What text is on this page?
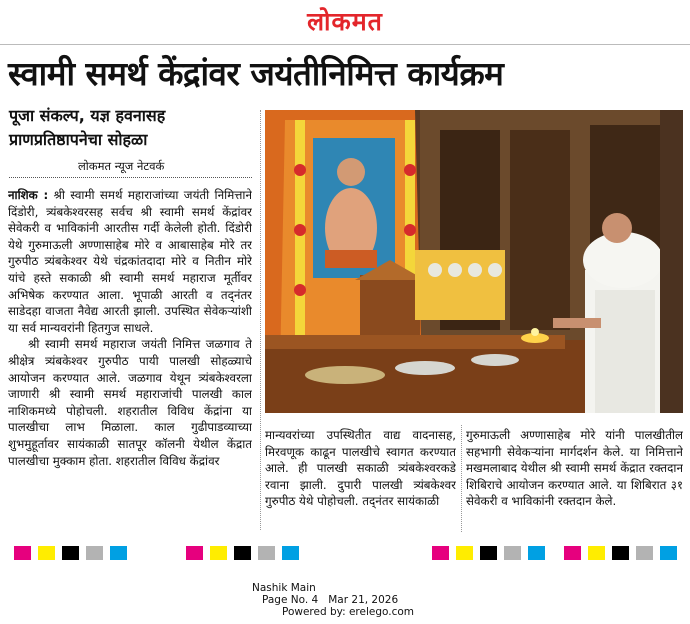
लोकमत
स्वामी समर्थ केंद्रांवर जयंतीनिमित्त कार्यक्रम
पूजा संकल्प, यज्ञ हवनासह
प्राणप्रतिष्ठापनेचा सोहळा
लोकमत न्यूज नेटवर्क

नाशिक : श्री स्वामी समर्थ महाराजांच्या जयंती निमित्ताने दिंडोरी, त्र्यंबकेश्वरसह सर्वच श्री स्वामी समर्थ केंद्रांवर सेवेकरी व भाविकांनी आरतीस गर्दी केलेली होती. दिंडोरी येथे गुरुमाऊली अण्णासाहेब मोरे व आबासाहेब मोरे तर गुरुपीठ त्र्यंबकेश्वर येथे चंद्रकांतदादा मोरे व नितीन मोरे यांचे हस्ते सकाळी श्री स्वामी समर्थ महाराज मूर्तीवर अभिषेक करण्यात आला. भूपाळी आरती व तद्नंतर साडेदहा वाजता नैवेद्य आरती झाली. उपस्थित सेवेकऱ्यांशी या सर्व मान्यवरांनी हितगुज साधले.

श्री स्वामी समर्थ महाराज जयंती निमित्त जळगाव ते श्रीक्षेत्र त्र्यंबकेश्वर गुरुपीठ पायी पालखी सोहळ्याचे आयोजन करण्यात आले. जळगाव येथून त्र्यंबकेश्वरला जाणारी श्री स्वामी समर्थ महाराजांची पालखी काल नाशिकमध्ये पोहोचली. शहरातील विविध केंद्रांना या पालखीचा लाभ मिळाला. काल गुढीपाडव्याच्या शुभमुहूर्तावर सायंकाळी सातपूर कॉलनी येथील केंद्रात पालखीचा मुक्काम होता. शहरातील विविध केंद्रांवर

मान्यवरांच्या उपस्थितीत वाद्य वादनासह, मिरवणूक काढून पालखीचे स्वागत करण्यात आले. ही पालखी सकाळी त्र्यंबकेश्वरकडे रवाना झाली. दुपारी पालखी त्र्यंबकेश्वर गुरुपीठ येथे पोहोचली. तद्नंतर सायंकाळी
गुरुमाऊली अण्णासाहेब मोरे यांनी पालखीतील सहभागी सेवेकऱ्यांना मार्गदर्शन केले. या निमित्ताने मखमलाबाद येथील श्री स्वामी समर्थ केंद्रात रक्तदान शिबिराचे आयोजन करण्यात आले. या शिबिरात ३१ सेवेकरी व भाविकांनी रक्तदान केले.
Nashik Main
Page No. 4 Mar 21, 2026
Powered by: erelego.com
